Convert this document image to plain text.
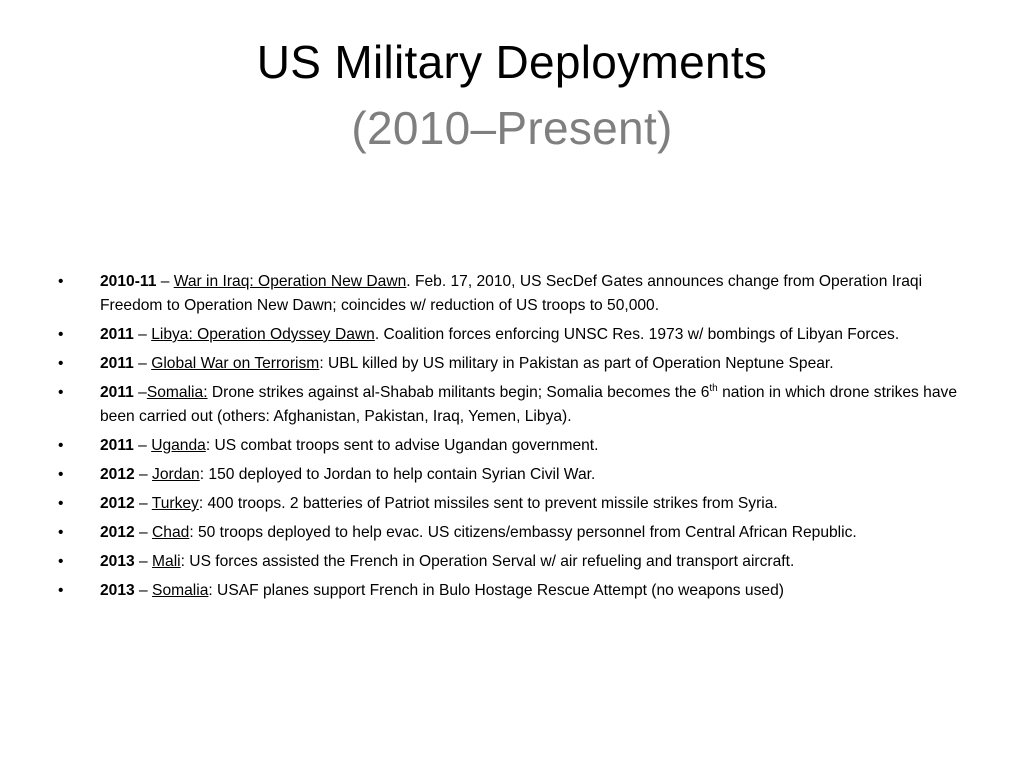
US Military Deployments
(2010–Present)
•	2010-11 – War in Iraq: Operation New Dawn. Feb. 17, 2010, US SecDef Gates announces change from Operation Iraqi Freedom to Operation New Dawn; coincides w/ reduction of US troops to 50,000.
•	2011 – Libya: Operation Odyssey Dawn. Coalition forces enforcing UNSC Res. 1973 w/ bombings of Libyan Forces.
•	2011 – Global War on Terrorism: UBL killed by US military in Pakistan as part of Operation Neptune Spear.
•	2011 –Somalia: Drone strikes against al-Shabab militants begin; Somalia becomes the 6th nation in which drone strikes have been carried out (others: Afghanistan, Pakistan, Iraq, Yemen, Libya).
•	2011 – Uganda: US combat troops sent to advise Ugandan government.
•	2012 – Jordan: 150 deployed to Jordan to help contain Syrian Civil War.
•	2012 – Turkey: 400 troops. 2 batteries of Patriot missiles sent to prevent missile strikes from Syria.
•	2012 – Chad: 50 troops deployed to help evac. US citizens/embassy personnel from Central African Republic.
•	2013 – Mali: US forces assisted the French in Operation Serval w/ air refueling and transport aircraft.
•	2013 – Somalia: USAF planes support French in Bulo Hostage Rescue Attempt (no weapons used)
